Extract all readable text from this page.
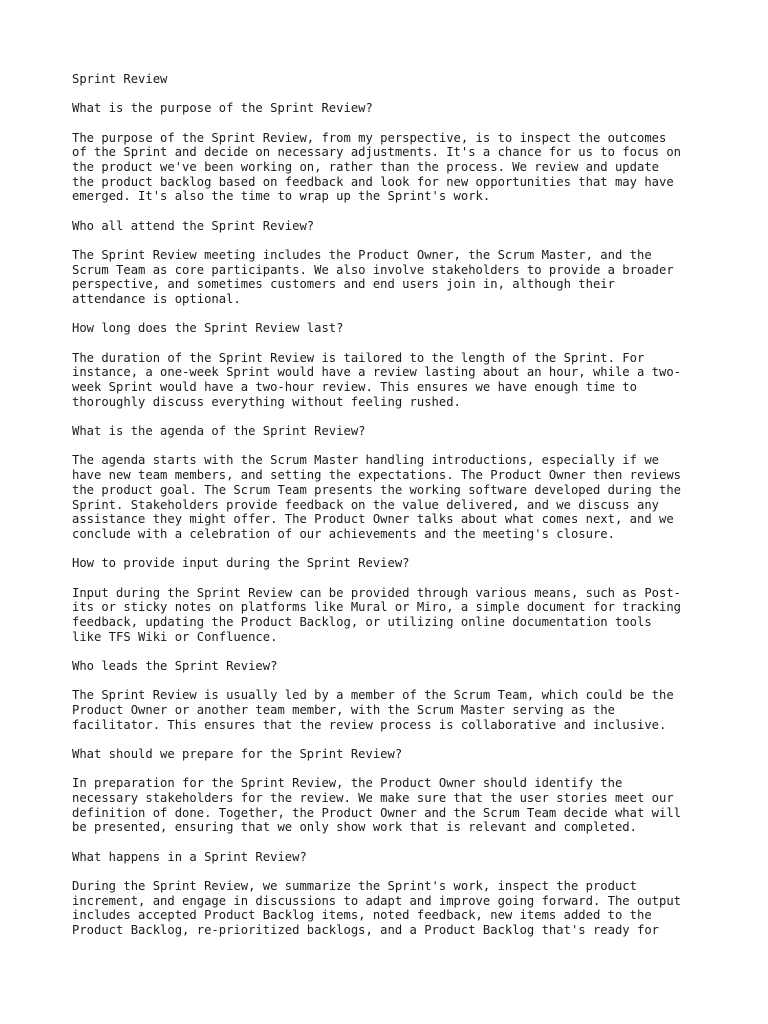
Sprint Review

What is the purpose of the Sprint Review?

The purpose of the Sprint Review, from my perspective, is to inspect the outcomes
of the Sprint and decide on necessary adjustments. It's a chance for us to focus on
the product we've been working on, rather than the process. We review and update
the product backlog based on feedback and look for new opportunities that may have
emerged. It's also the time to wrap up the Sprint's work.

Who all attend the Sprint Review?

The Sprint Review meeting includes the Product Owner, the Scrum Master, and the
Scrum Team as core participants. We also involve stakeholders to provide a broader
perspective, and sometimes customers and end users join in, although their
attendance is optional.

How long does the Sprint Review last?

The duration of the Sprint Review is tailored to the length of the Sprint. For
instance, a one-week Sprint would have a review lasting about an hour, while a two-
week Sprint would have a two-hour review. This ensures we have enough time to
thoroughly discuss everything without feeling rushed.

What is the agenda of the Sprint Review?

The agenda starts with the Scrum Master handling introductions, especially if we
have new team members, and setting the expectations. The Product Owner then reviews
the product goal. The Scrum Team presents the working software developed during the
Sprint. Stakeholders provide feedback on the value delivered, and we discuss any
assistance they might offer. The Product Owner talks about what comes next, and we
conclude with a celebration of our achievements and the meeting's closure.

How to provide input during the Sprint Review?

Input during the Sprint Review can be provided through various means, such as Post-
its or sticky notes on platforms like Mural or Miro, a simple document for tracking
feedback, updating the Product Backlog, or utilizing online documentation tools
like TFS Wiki or Confluence.

Who leads the Sprint Review?

The Sprint Review is usually led by a member of the Scrum Team, which could be the
Product Owner or another team member, with the Scrum Master serving as the
facilitator. This ensures that the review process is collaborative and inclusive.

What should we prepare for the Sprint Review?

In preparation for the Sprint Review, the Product Owner should identify the
necessary stakeholders for the review. We make sure that the user stories meet our
definition of done. Together, the Product Owner and the Scrum Team decide what will
be presented, ensuring that we only show work that is relevant and completed.

What happens in a Sprint Review?

During the Sprint Review, we summarize the Sprint's work, inspect the product
increment, and engage in discussions to adapt and improve going forward. The output
includes accepted Product Backlog items, noted feedback, new items added to the
Product Backlog, re-prioritized backlogs, and a Product Backlog that's ready for
